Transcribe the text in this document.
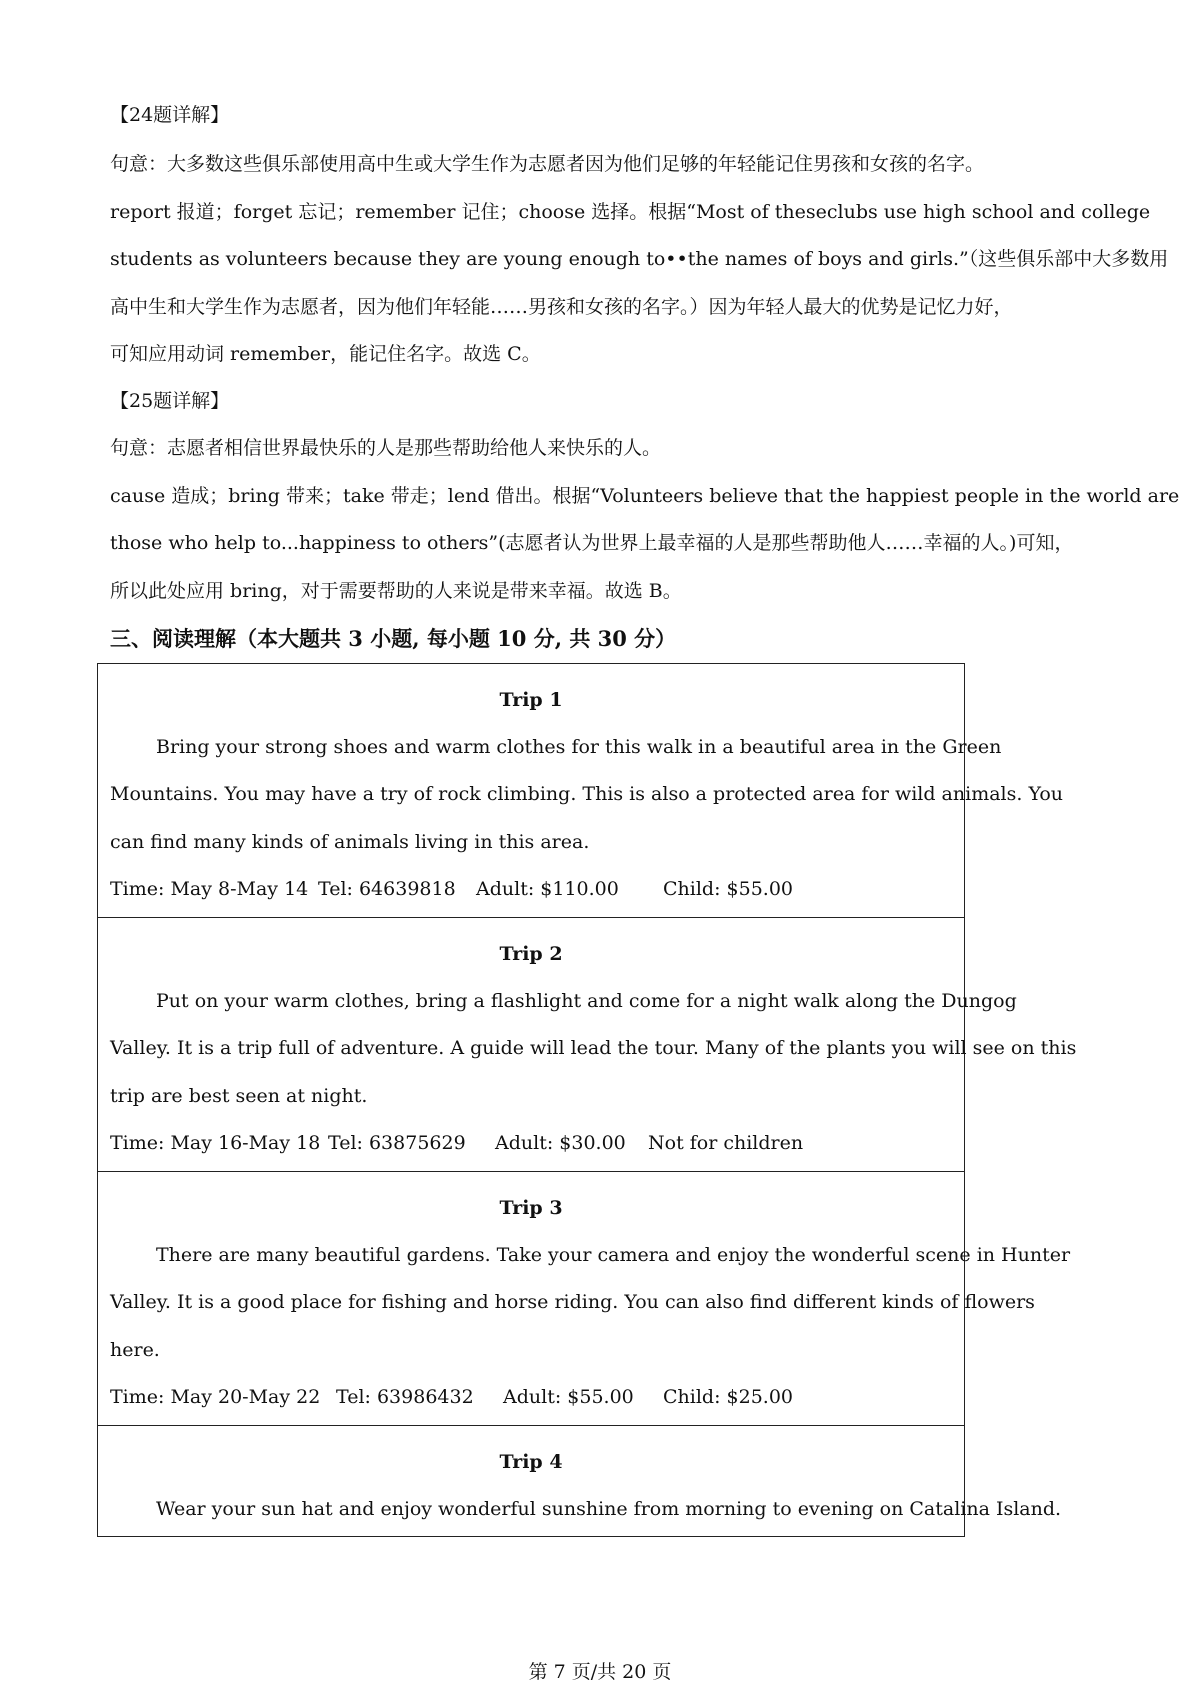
【24题详解】
句意：大多数这些俱乐部使用高中生或大学生作为志愿者因为他们足够的年轻能记住男孩和女孩的名字。
report 报道；forget 忘记；remember 记住；choose 选择。根据“Most of theseclubs use high school and college
students as volunteers because they are young enough to••the names of boys and girls.”（这些俱乐部中大多数用
高中生和大学生作为志愿者，因为他们年轻能……男孩和女孩的名字。）因为年轻人最大的优势是记忆力好，
可知应用动词 remember，能记住名字。故选 C。
【25题详解】
句意：志愿者相信世界最快乐的人是那些帮助给他人来快乐的人。
cause 造成；bring 带来；take 带走；lend 借出。根据“Volunteers believe that the happiest people in the world are
those who help to...happiness to others”(志愿者认为世界上最幸福的人是那些帮助他人……幸福的人。)可知，
所以此处应用 bring，对于需要帮助的人来说是带来幸福。故选 B。
三、阅读理解（本大题共 3 小题, 每小题 10 分, 共 30 分）
Trip 1
Bring your strong shoes and warm clothes for this walk in a beautiful area in the Green
Mountains. You may have a try of rock climbing. This is also a protected area for wild animals. You
can find many kinds of animals living in this area.
Time: May 8-May 14 Tel: 64639818 Adult: $110.00 Child: $55.00
Trip 2
Put on your warm clothes, bring a flashlight and come for a night walk along the Dungog
Valley. It is a trip full of adventure. A guide will lead the tour. Many of the plants you will see on this
trip are best seen at night.
Time: May 16-May 18 Tel: 63875629 Adult: $30.00 Not for children
Trip 3
There are many beautiful gardens. Take your camera and enjoy the wonderful scene in Hunter
Valley. It is a good place for fishing and horse riding. You can also find different kinds of flowers
here.
Time: May 20-May 22 Tel: 63986432 Adult: $55.00 Child: $25.00
Trip 4
Wear your sun hat and enjoy wonderful sunshine from morning to evening on Catalina Island.
第 7 页/共 20 页
